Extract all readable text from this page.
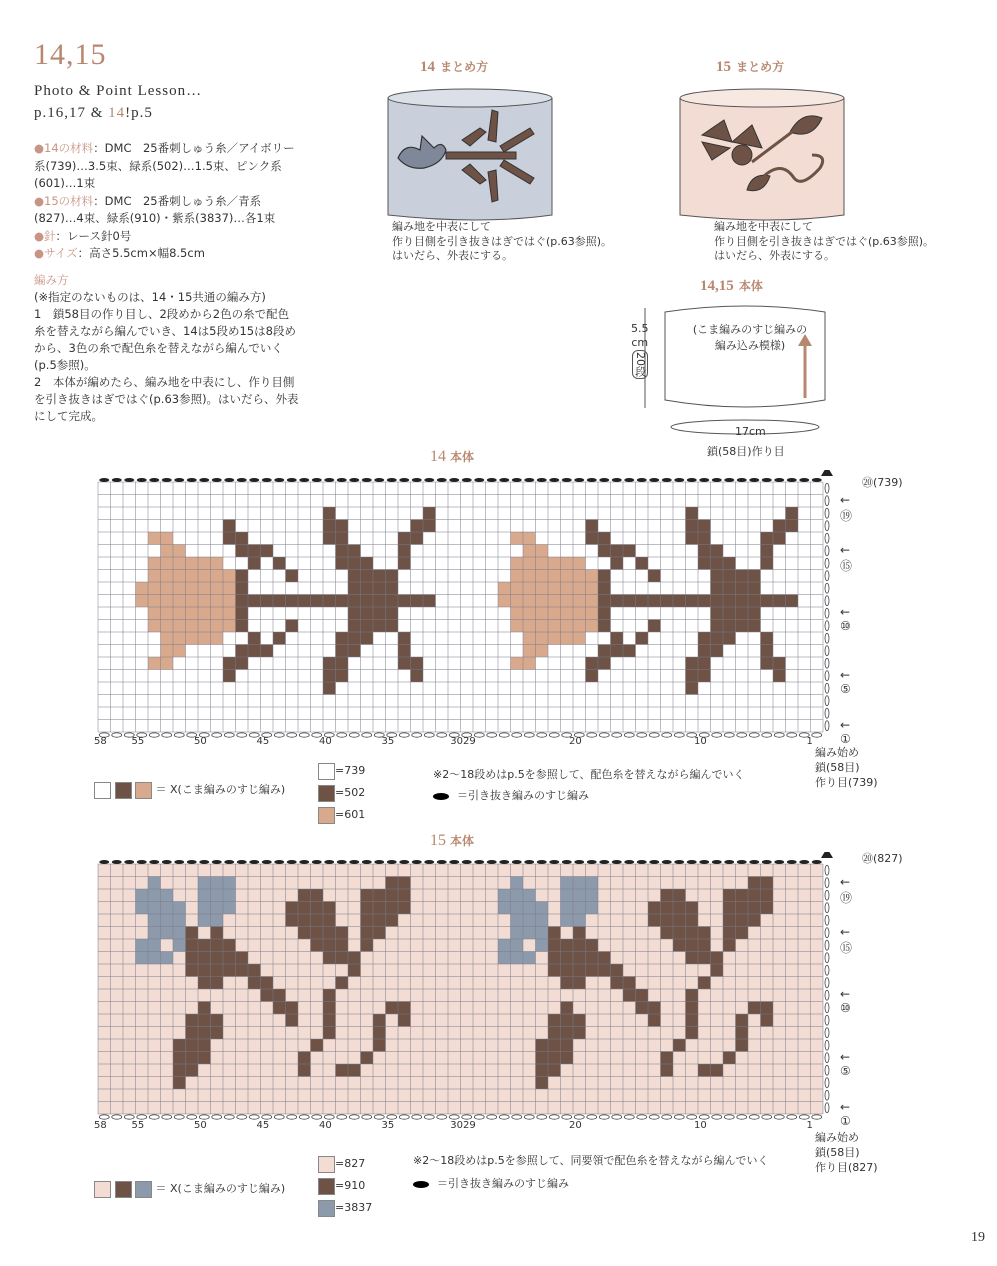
14,15
Photo & Point Lesson…
p.16,17 & 14!p.5
●14の材料：DMC　25番刺しゅう糸／アイボリー系(739)…3.5束、緑系(502)…1.5束、ピンク系(601)…1束
●15の材料：DMC　25番刺しゅう糸／青系(827)…4束、緑系(910)・紫系(3837)…各1束
●針：レース針0号
●サイズ：高さ5.5cm×幅8.5cm
編み方
(※指定のないものは、14・15共通の編み方)
1　鎖58目の作り目し、2段めから2色の糸で配色糸を替えながら編んでいき、14は5段め15は8段めから、3色の糸で配色糸を替えながら編んでいく(p.5参照)。
2　本体が編めたら、編み地を中表にし、作り目側を引き抜きはぎではぐ(p.63参照)。はいだら、外表にして完成。
14 まとめ方
編み地を中表にして
作り目側を引き抜きはぎではぐ(p.63参照)。
はいだら、外表にする。
15 まとめ方
編み地を中表にして
作り目側を引き抜きはぎではぐ(p.63参照)。
はいだら、外表にする。
14,15 本体
5.5
cm
20段
(こま編みのすじ編みの
編み込み模様)
17cm
鎖(58目)作り目
14 本体
⑳(739)
58 55	50	45	40	35	3029	20	10	1
← ⑲
← ⑮
← ⑩
← ⑤
← ①
編み始め
鎖(58目)
作り目(739)
＝ X(こま編みのすじ編み)
=739
=502
=601
※2〜18段めはp.5を参照して、配色糸を替えながら編んでいく
＝引き抜き編みのすじ編み
15 本体
⑳(827)
58 55	50	45	40	35	3029	20	10	1
← ⑲
← ⑮
← ⑩
← ⑤
← ①
編み始め
鎖(58目)
作り目(827)
＝ X(こま編みのすじ編み)
=827
=910
=3837
※2〜18段めはp.5を参照して、同要領で配色糸を替えながら編んでいく
＝引き抜き編みのすじ編み
19
